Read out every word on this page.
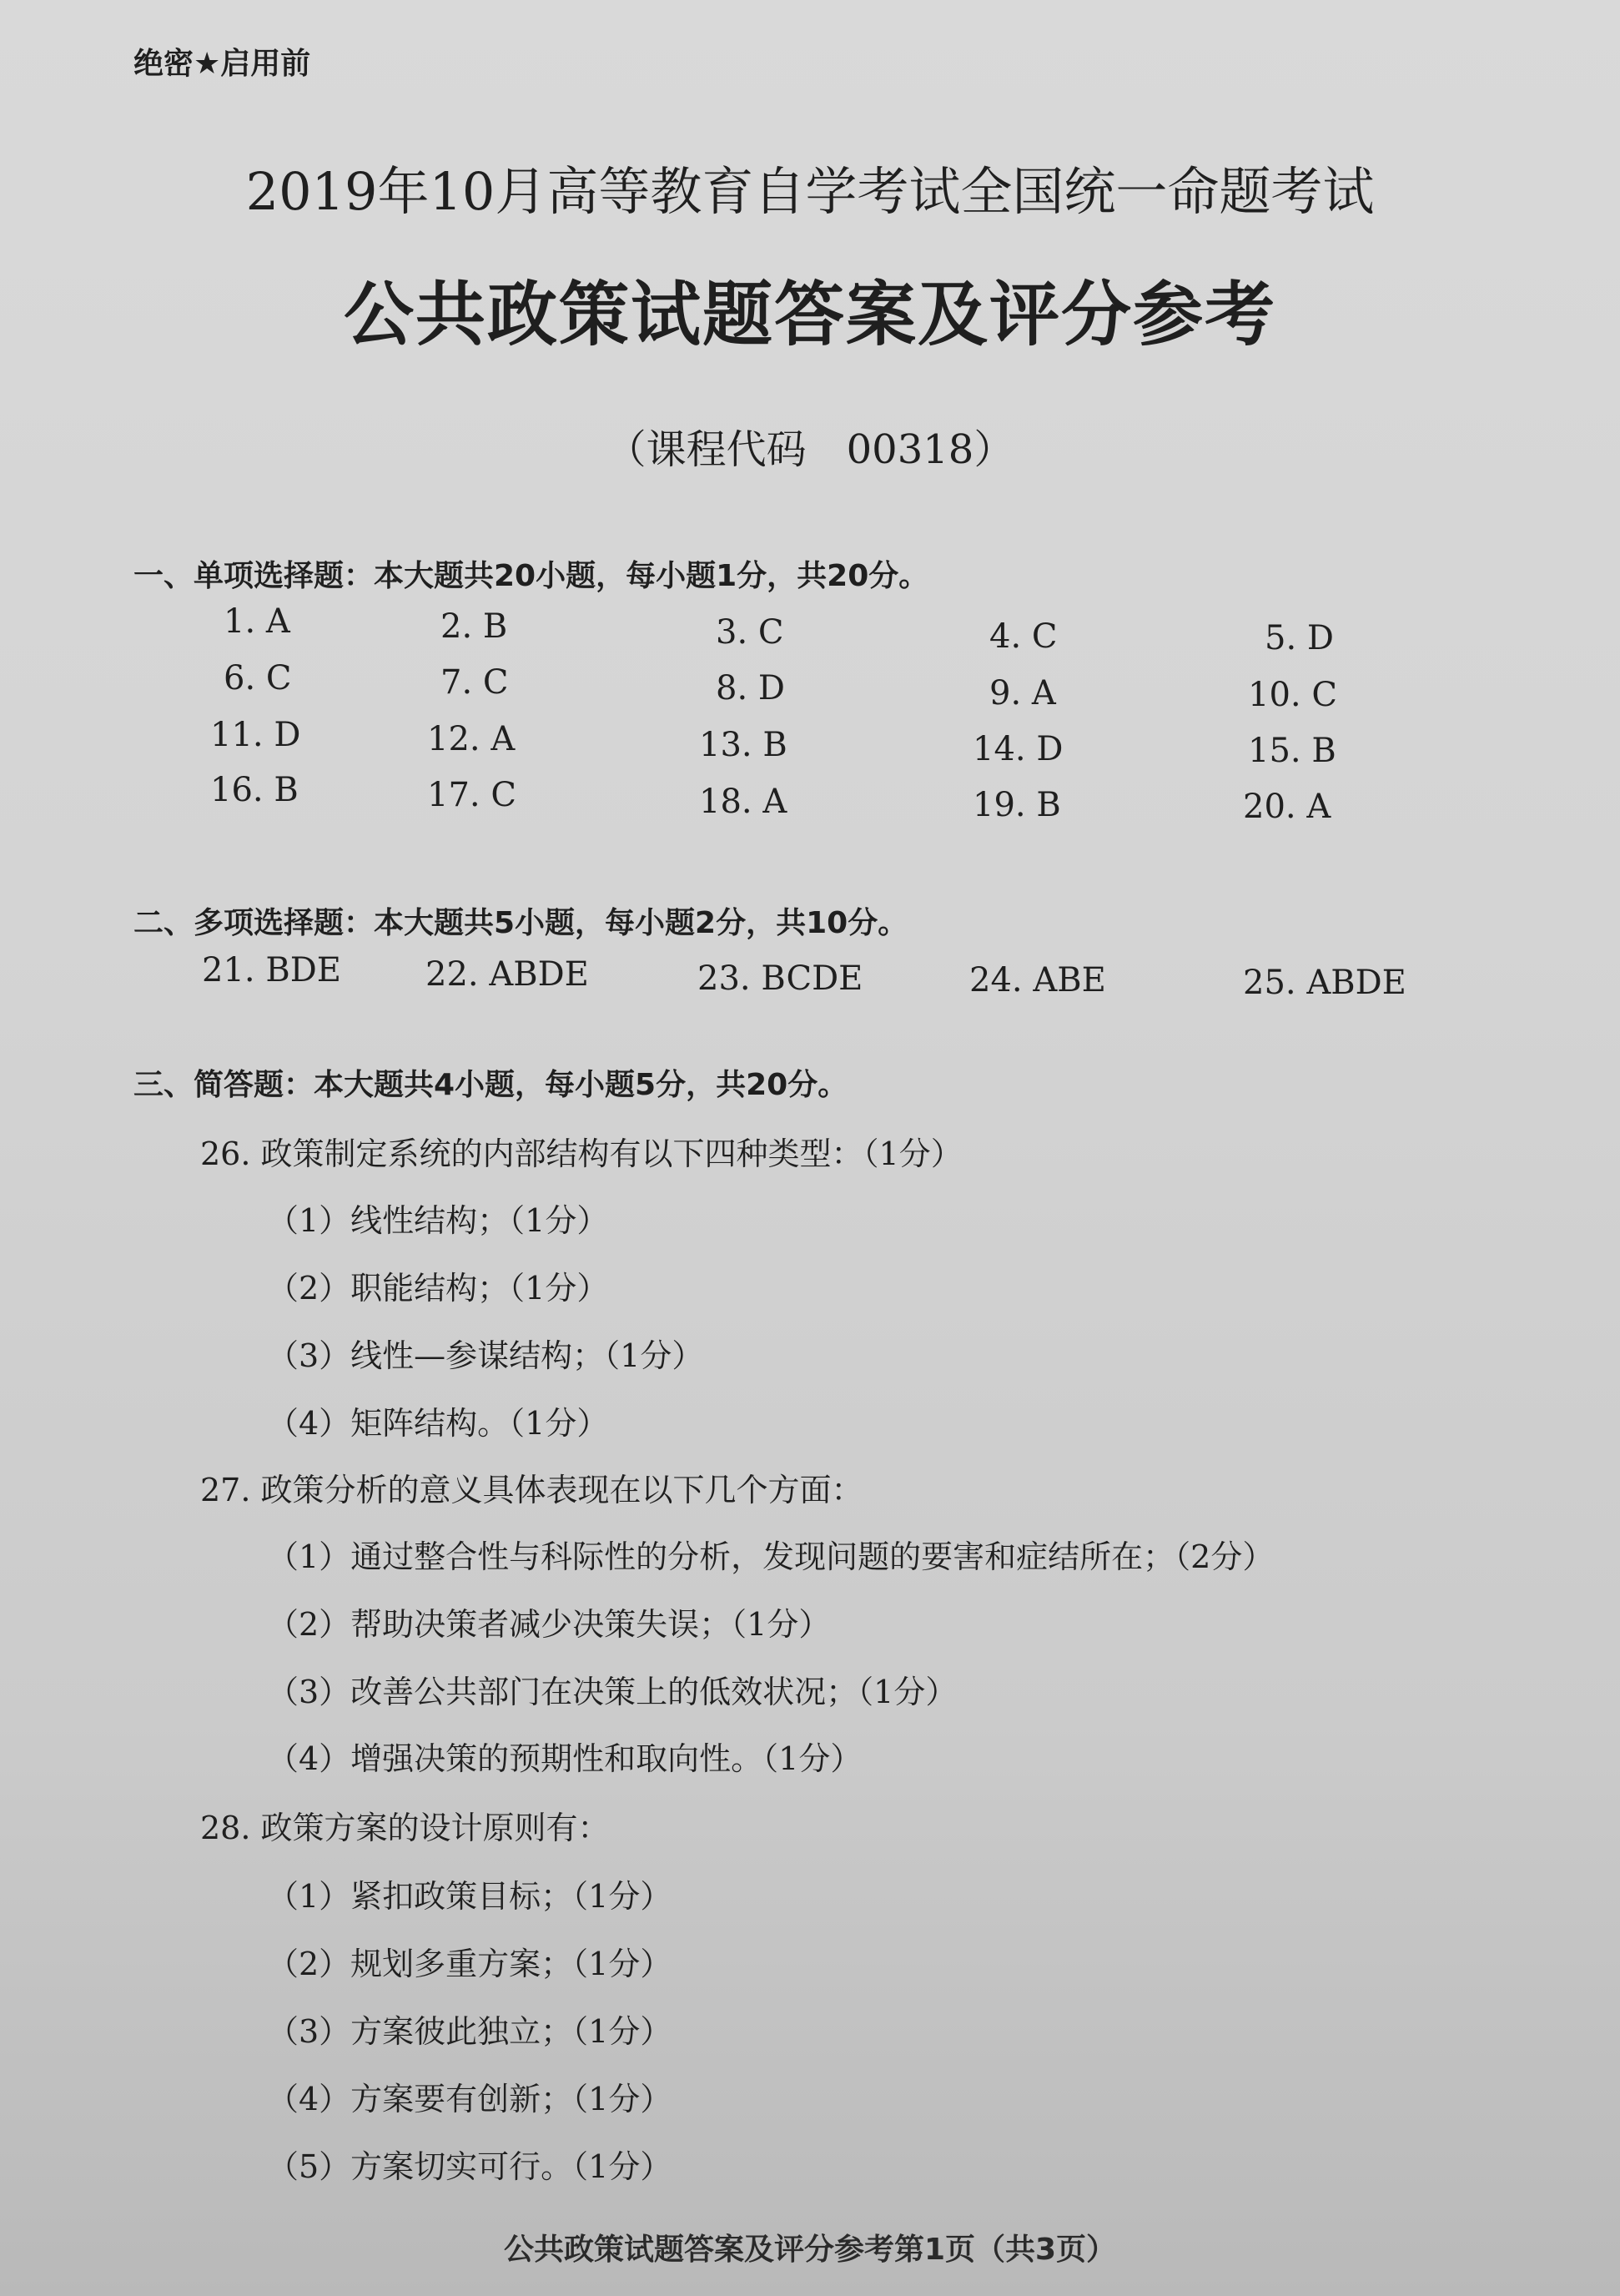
绝密★启用前
2019年10月高等教育自学考试全国统一命题考试
公共政策试题答案及评分参考
（课程代码　00318）
一、单项选择题：本大题共20小题，每小题1分，共20分。
1. A	2. B	3. C	4. C	5. D
6. C	7. C	8. D	9. A	10. C
11. D	12. A	13. B	14. D	15. B
16. B	17. C	18. A	19. B	20. A
二、多项选择题：本大题共5小题，每小题2分，共10分。
21. BDE	22. ABDE	23. BCDE	24. ABE	25. ABDE
三、简答题：本大题共4小题，每小题5分，共20分。
26. 政策制定系统的内部结构有以下四种类型：（1分）
（1）线性结构；（1分）
（2）职能结构；（1分）
（3）线性—参谋结构；（1分）
（4）矩阵结构。（1分）
27. 政策分析的意义具体表现在以下几个方面：
（1）通过整合性与科际性的分析，发现问题的要害和症结所在；（2分）
（2）帮助决策者减少决策失误；（1分）
（3）改善公共部门在决策上的低效状况；（1分）
（4）增强决策的预期性和取向性。（1分）
28. 政策方案的设计原则有：
（1）紧扣政策目标；（1分）
（2）规划多重方案；（1分）
（3）方案彼此独立；（1分）
（4）方案要有创新；（1分）
（5）方案切实可行。（1分）
公共政策试题答案及评分参考第1页（共3页）
